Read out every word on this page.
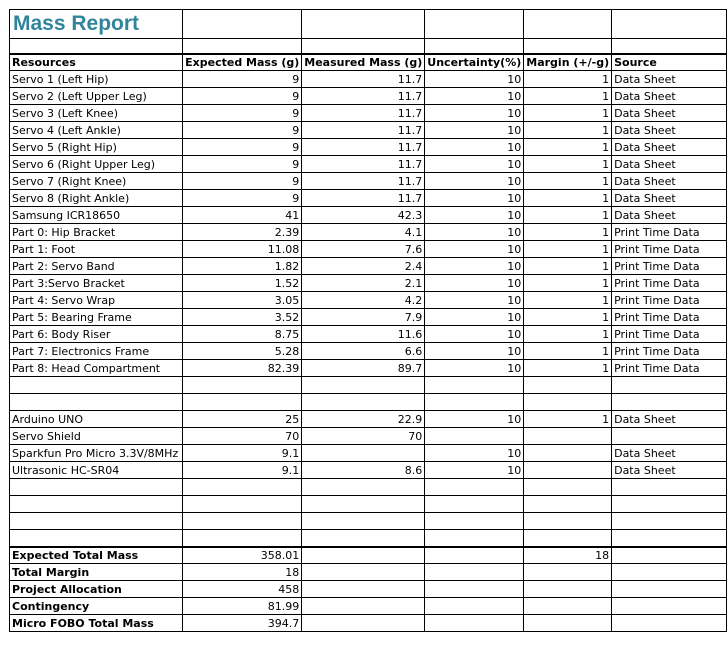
Mass Report					

Resources	Expected Mass (g)	Measured Mass (g)	Uncertainty(%)	Margin (+/-g)	Source
Servo 1 (Left Hip)	9	11.7	10	1	Data Sheet
Servo 2 (Left Upper Leg)	9	11.7	10	1	Data Sheet
Servo 3 (Left Knee)	9	11.7	10	1	Data Sheet
Servo 4 (Left Ankle)	9	11.7	10	1	Data Sheet
Servo 5 (Right Hip)	9	11.7	10	1	Data Sheet
Servo 6 (Right Upper Leg)	9	11.7	10	1	Data Sheet
Servo 7 (Right Knee)	9	11.7	10	1	Data Sheet
Servo 8 (Right Ankle)	9	11.7	10	1	Data Sheet
Samsung ICR18650	41	42.3	10	1	Data Sheet
Part 0: Hip Bracket	2.39	4.1	10	1	Print Time Data
Part 1: Foot	11.08	7.6	10	1	Print Time Data
Part 2: Servo Band	1.82	2.4	10	1	Print Time Data
Part 3:Servo Bracket	1.52	2.1	10	1	Print Time Data
Part 4: Servo Wrap	3.05	4.2	10	1	Print Time Data
Part 5: Bearing Frame	3.52	7.9	10	1	Print Time Data
Part 6: Body Riser	8.75	11.6	10	1	Print Time Data
Part 7: Electronics Frame	5.28	6.6	10	1	Print Time Data
Part 8: Head Compartment	82.39	89.7	10	1	Print Time Data

Arduino UNO	25	22.9	10	1	Data Sheet
Servo Shield	70	70			
Sparkfun Pro Micro 3.3V/8MHz	9.1		10		Data Sheet
Ultrasonic HC-SR04	9.1	8.6	10		Data Sheet

Expected Total Mass	358.01			18	
Total Margin	18				
Project Allocation	458				
Contingency	81.99				
Micro FOBO Total Mass	394.7				
